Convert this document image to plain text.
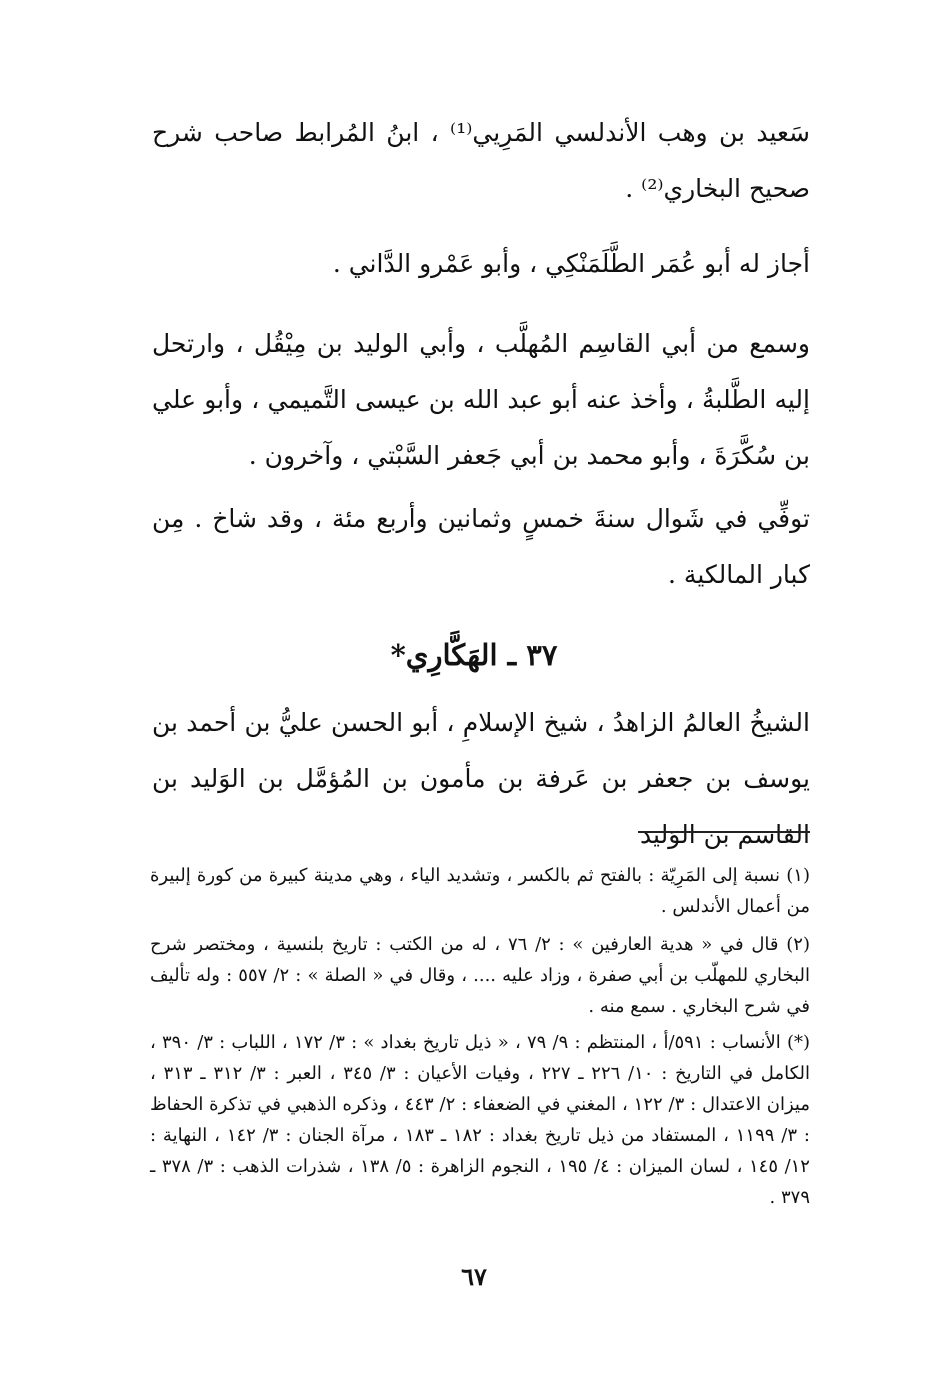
سَعيد بن وهب الأندلسي المَرِيي⁽¹⁾ ، ابنُ المُرابط صاحب شرح صحيح البخاري⁽²⁾ .

أجاز له أبو عُمَر الطَّلَمَنْكِي ، وأبو عَمْرو الدَّاني .

وسمع من أبي القاسِم المُهلَّب ، وأبي الوليد بن مِيْقُل ، وارتحل إليه الطَّلبةُ ، وأخذ عنه أبو عبد الله بن عيسى التَّميمي ، وأبو علي بن سُكَّرَةَ ، وأبو محمد بن أبي جَعفر السَّبْتي ، وآخرون .

توفِّي في شَوال سنةَ خمسٍ وثمانين وأربع مئة ، وقد شاخ . مِن كبار المالكية .

٣٧ ـ الهَكَّارِي*

الشيخُ العالمُ الزاهدُ ، شيخ الإسلامِ ، أبو الحسن عليُّ بن أحمد بن يوسف بن جعفر بن عَرفة بن مأمون بن المُؤمَّل بن الوَليد بن القاسم بن الوَليد

(١) نسبة إلى المَرِيّة : بالفتح ثم بالكسر ، وتشديد الياء ، وهي مدينة كبيرة من كورة إلبيرة من أعمال الأندلس .

(٢) قال في « هدية العارفين » : ٢/ ٧٦ ، له من الكتب : تاريخ بلنسية ، ومختصر شرح البخاري للمهلّب بن أبي صفرة ، وزاد عليه .... ، وقال في « الصلة » : ٢/ ٥٥٧ : وله تأليف في شرح البخاري . سمع منه .

(*) الأنساب : ٥٩١/أ ، المنتظم : ٩/ ٧٩ ، « ذيل تاريخ بغداد » : ٣/ ١٧٢ ، اللباب : ٣/ ٣٩٠ ، الكامل في التاريخ : ١٠/ ٢٢٦ ـ ٢٢٧ ، وفيات الأعيان : ٣/ ٣٤٥ ، العبر : ٣/ ٣١٢ ـ ٣١٣ ، ميزان الاعتدال : ٣/ ١٢٢ ، المغني في الضعفاء : ٢/ ٤٤٣ ، وذكره الذهبي في تذكرة الحفاظ : ٣/ ١١٩٩ ، المستفاد من ذيل تاريخ بغداد : ١٨٢ ـ ١٨٣ ، مرآة الجنان : ٣/ ١٤٢ ، النهاية : ١٢/ ١٤٥ ، لسان الميزان : ٤/ ١٩٥ ، النجوم الزاهرة : ٥/ ١٣٨ ، شذرات الذهب : ٣/ ٣٧٨ ـ ٣٧٩ .

٦٧
